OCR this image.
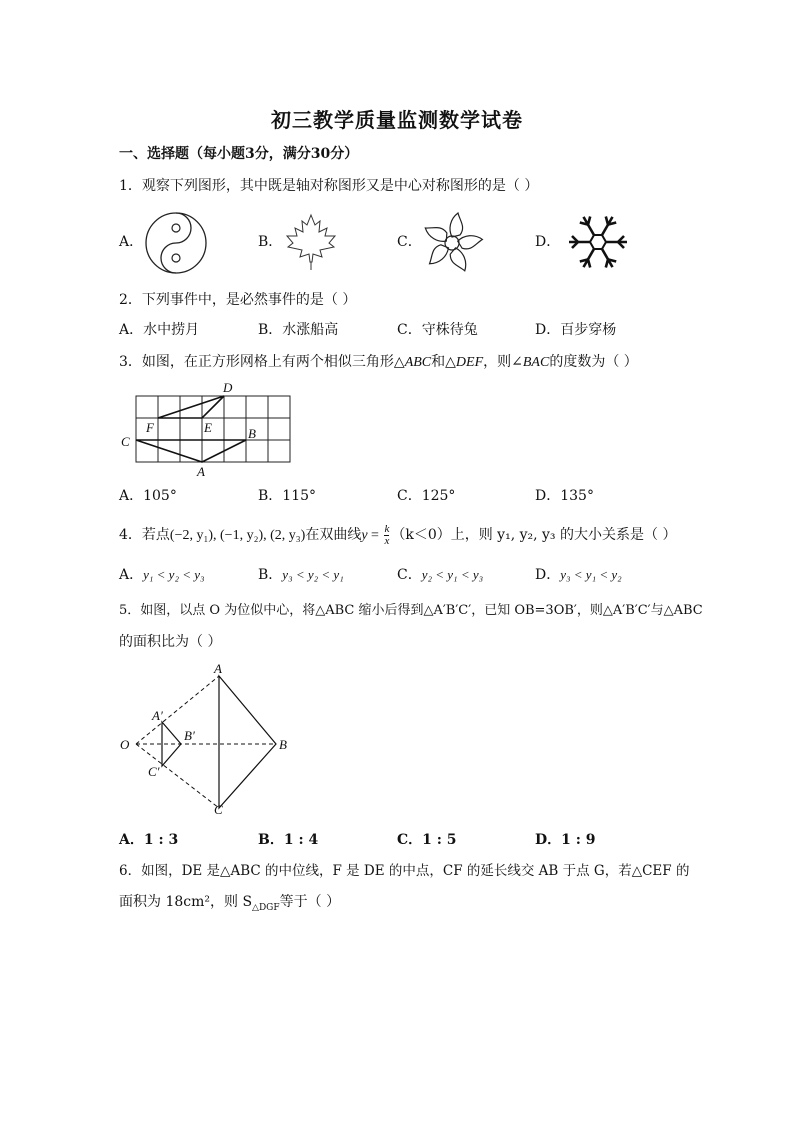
初三教学质量监测数学试卷
一、选择题（每小题3分，满分30分）
1．观察下列图形，其中既是轴对称图形又是中心对称图形的是（ ）
A．	B．	C．	D．
2．下列事件中，是必然事件的是（ ）
A．水中捞月	B．水涨船高	C．守株待兔	D．百步穿杨
3．如图，在正方形网格上有两个相似三角形△ABC和△DEF，则∠BAC的度数为（ ）
D
F	E	B
C
A
A．105°	B．115°	C．125°	D．135°
4．若点(−2, y₁), (−1, y₂), (2, y₃)在双曲线$y = \frac{k}{x} (k<0)$上，则 y₁, y₂, y₃ 的大小关系是（ ）
A．y₁ < y₂ < y₃	B．y₃ < y₂ < y₁	C．y₂ < y₁ < y₃	D．y₃ < y₁ < y₂
5．如图，以点 O 为位似中心，将△ABC 缩小后得到△A′B′C′，已知 OB=3OB′，则△A′B′C′与△ABC
的面积比为（ ）
A
A′
B′
O	B
C′
C
A．1 : 3	B．1 : 4	C．1 : 5	D．1 : 9
6．如图，DE 是△ABC 的中位线，F 是 DE 的中点，CF 的延长线交 AB 于点 G，若△CEF 的
面积为 18cm²，则 $S_{\triangle DGF}$等于（ ）
